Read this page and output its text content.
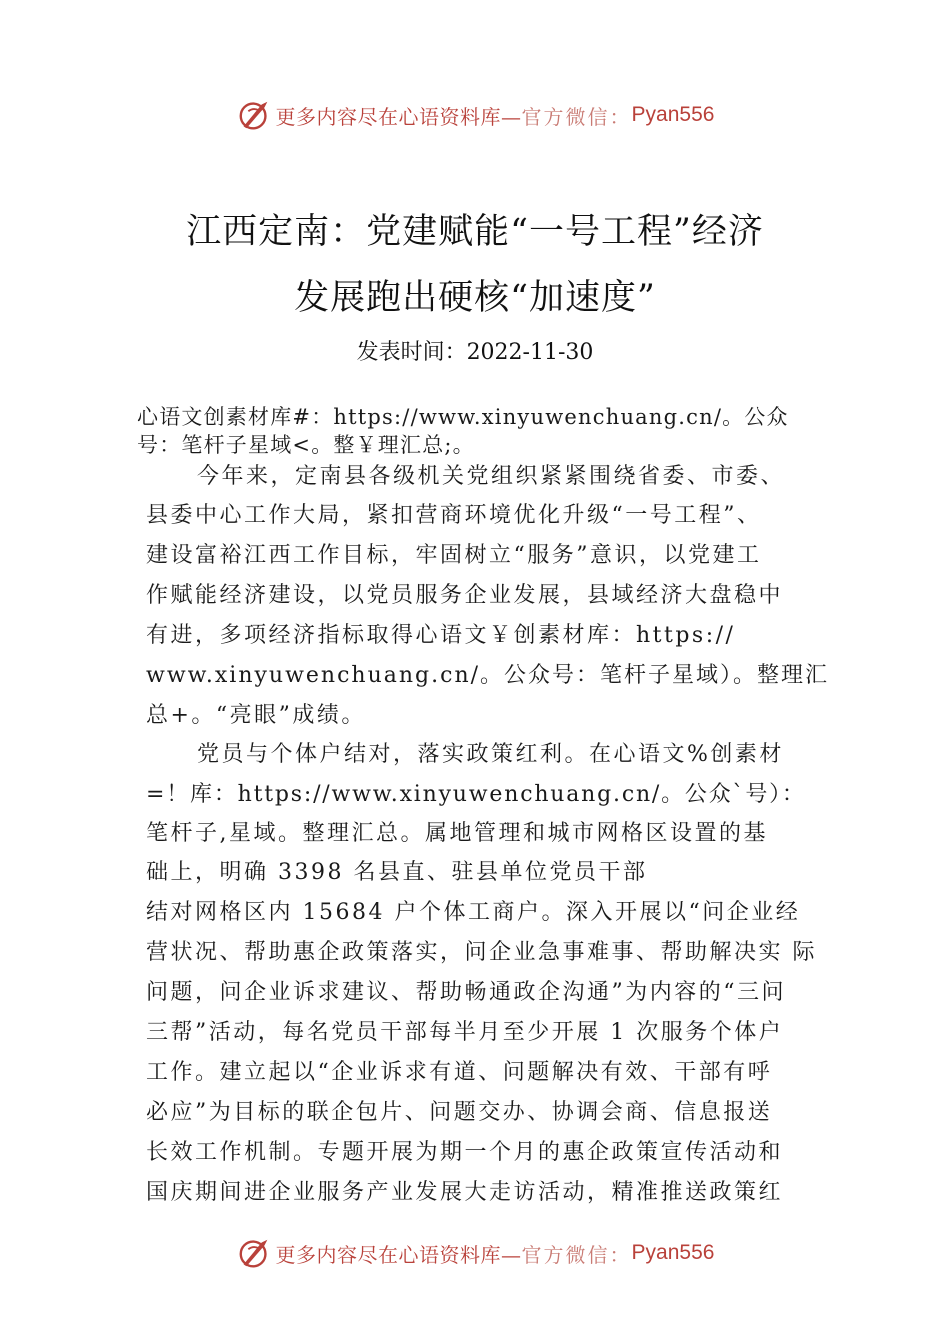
更多内容尽在心语资料库— 官方微信： Pyan556
江西定南：党建赋能“一号工程”经济
发展跑出硬核“加速度”
发表时间：2022-11-30

心语文创素材库#：https://www.xinyuwenchuang.cn/。公众

号：笔杆子星域<。整￥理汇总;。

今年来，定南县各级机关党组织紧紧围绕省委、市委、

县委中心工作大局，紧扣营商环境优化升级“一号工程”、

建设富裕江西工作目标，牢固树立“服务”意识，以党建工

作赋能经济建设，以党员服务企业发展，县域经济大盘稳中

有进，多项经济指标取得心语文￥创素材库：https://

www.xinyuwenchuang.cn/。公众号：笔杆子星域）。整理汇

总+。“亮眼”成绩。

党员与个体户结对，落实政策红利。在心语文%创素材

=！库：https://www.xinyuwenchuang.cn/。公众`号）：

笔杆子,星域。整理汇总。属地管理和城市网格区设置的基

础上，明确 3398 名县直、驻县单位党员干部

结对网格区内 15684 户个体工商户。深入开展以“问企业经

营状况、帮助惠企政策落实，问企业急事难事、帮助解决实 际

问题，问企业诉求建议、帮助畅通政企沟通”为内容的“三问

三帮”活动，每名党员干部每半月至少开展 1 次服务个体户

工作。建立起以“企业诉求有道、问题解决有效、干部有呼

必应”为目标的联企包片、问题交办、协调会商、信息报送

长效工作机制。专题开展为期一个月的惠企政策宣传活动和

国庆期间进企业服务产业发展大走访活动，精准推送政策红

更多内容尽在心语资料库— 官方微信： Pyan556
